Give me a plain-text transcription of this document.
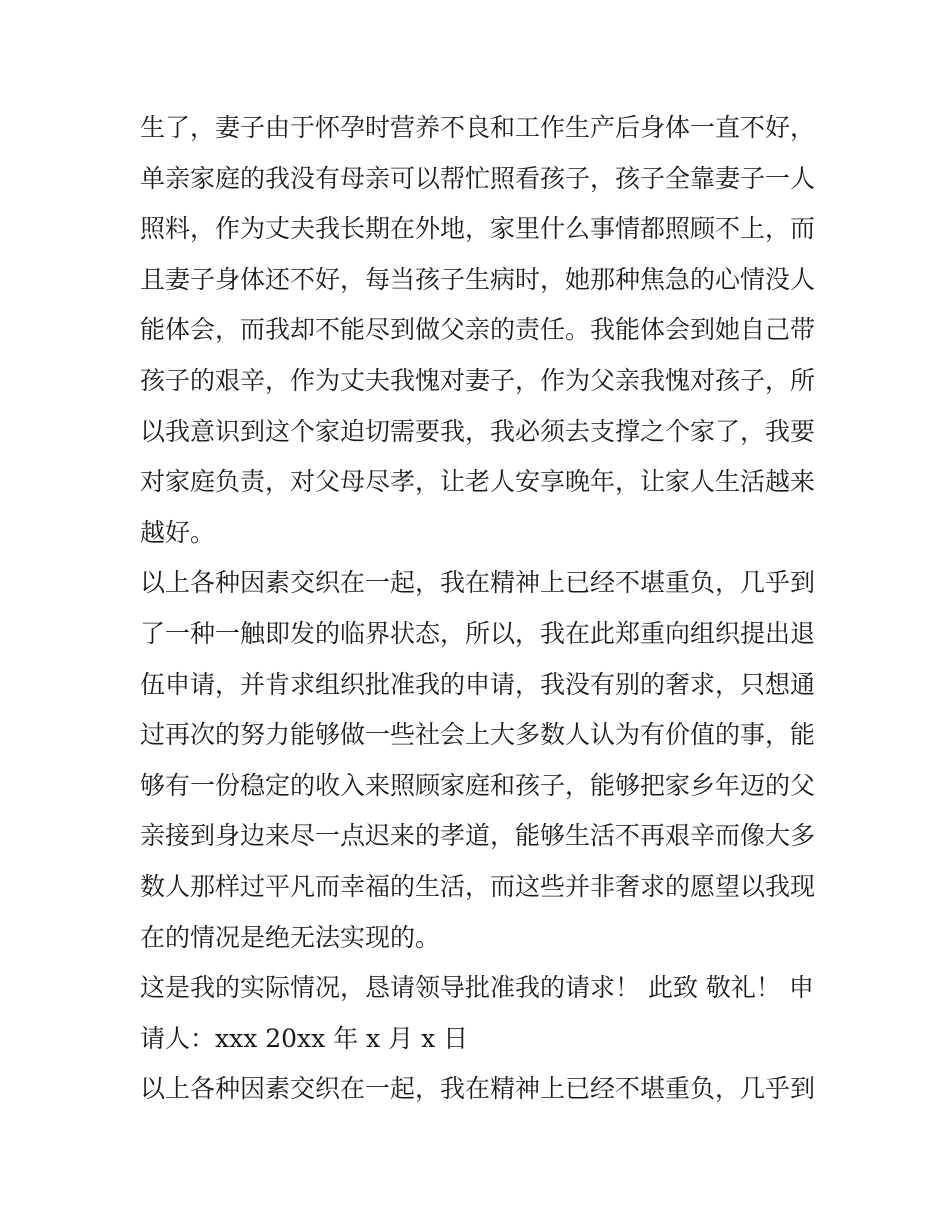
生了，妻子由于怀孕时营养不良和工作生产后身体一直不好，
单亲家庭的我没有母亲可以帮忙照看孩子，孩子全靠妻子一人
照料，作为丈夫我长期在外地，家里什么事情都照顾不上，而
且妻子身体还不好，每当孩子生病时，她那种焦急的心情没人
能体会，而我却不能尽到做父亲的责任。我能体会到她自己带
孩子的艰辛，作为丈夫我愧对妻子，作为父亲我愧对孩子，所
以我意识到这个家迫切需要我，我必须去支撑之个家了，我要
对家庭负责，对父母尽孝，让老人安享晚年，让家人生活越来
越好。
以上各种因素交织在一起，我在精神上已经不堪重负，几乎到
了一种一触即发的临界状态，所以，我在此郑重向组织提出退
伍申请，并肯求组织批准我的申请，我没有别的奢求，只想通
过再次的努力能够做一些社会上大多数人认为有价值的事，能
够有一份稳定的收入来照顾家庭和孩子，能够把家乡年迈的父
亲接到身边来尽一点迟来的孝道，能够生活不再艰辛而像大多
数人那样过平凡而幸福的生活，而这些并非奢求的愿望以我现
在的情况是绝无法实现的。
这是我的实际情况，恳请领导批准我的请求！ 此致 敬礼！ 申
请人：xxx 20xx 年 x 月 x 日
以上各种因素交织在一起，我在精神上已经不堪重负，几乎到
